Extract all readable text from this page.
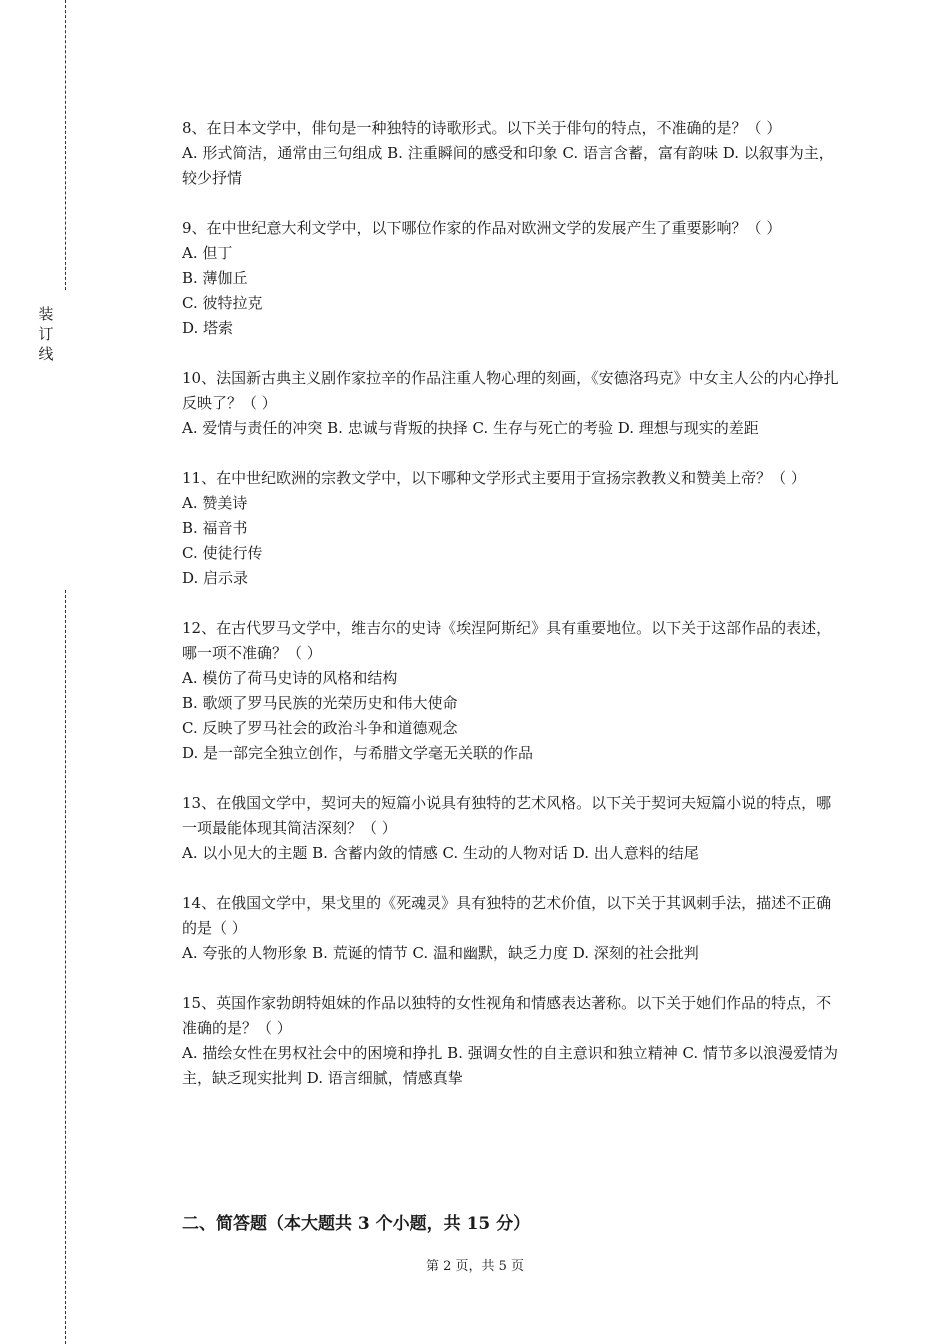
装订线

8、在日本文学中，俳句是一种独特的诗歌形式。以下关于俳句的特点，不准确的是？（ ）

A. 形式简洁，通常由三句组成 B. 注重瞬间的感受和印象 C. 语言含蓄，富有韵味 D. 以叙事为主，较少抒情

9、在中世纪意大利文学中，以下哪位作家的作品对欧洲文学的发展产生了重要影响？（ ）

A. 但丁

B. 薄伽丘

C. 彼特拉克

D. 塔索

10、法国新古典主义剧作家拉辛的作品注重人物心理的刻画，《安德洛玛克》中女主人公的内心挣扎反映了？（ ）

A. 爱情与责任的冲突 B. 忠诚与背叛的抉择 C. 生存与死亡的考验 D. 理想与现实的差距

11、在中世纪欧洲的宗教文学中，以下哪种文学形式主要用于宣扬宗教教义和赞美上帝？（ ）

A. 赞美诗

B. 福音书

C. 使徒行传

D. 启示录

12、在古代罗马文学中，维吉尔的史诗《埃涅阿斯纪》具有重要地位。以下关于这部作品的表述，哪一项不准确？（ ）

A. 模仿了荷马史诗的风格和结构

B. 歌颂了罗马民族的光荣历史和伟大使命

C. 反映了罗马社会的政治斗争和道德观念

D. 是一部完全独立创作，与希腊文学毫无关联的作品

13、在俄国文学中，契诃夫的短篇小说具有独特的艺术风格。以下关于契诃夫短篇小说的特点，哪一项最能体现其简洁深刻？（ ）

A. 以小见大的主题 B. 含蓄内敛的情感 C. 生动的人物对话 D. 出人意料的结尾

14、在俄国文学中，果戈里的《死魂灵》具有独特的艺术价值，以下关于其讽刺手法，描述不正确的是（ ）

A. 夸张的人物形象 B. 荒诞的情节 C. 温和幽默，缺乏力度 D. 深刻的社会批判

15、英国作家勃朗特姐妹的作品以独特的女性视角和情感表达著称。以下关于她们作品的特点，不准确的是？（ ）

A. 描绘女性在男权社会中的困境和挣扎 B. 强调女性的自主意识和独立精神 C. 情节多以浪漫爱情为主，缺乏现实批判 D. 语言细腻，情感真挚

二、简答题（本大题共 3 个小题，共 15 分）
第 2 页，共 5 页
